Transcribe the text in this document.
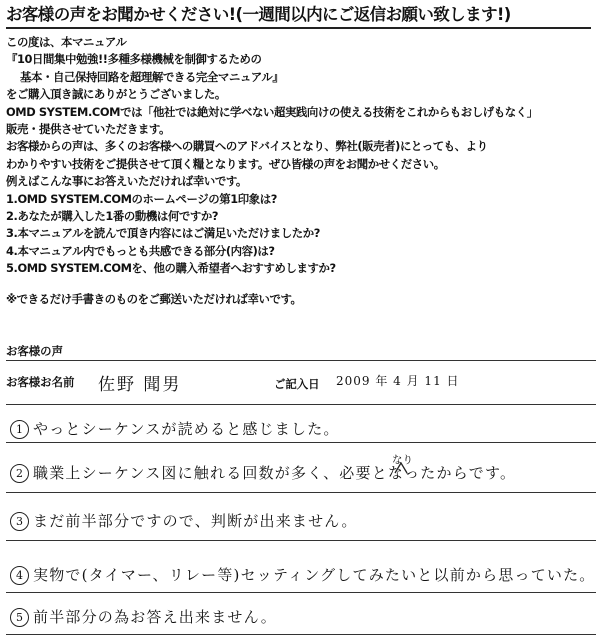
お客様の声をお聞かせください!(一週間以内にご返信お願い致します!)
この度は、本マニュアル
『10日間集中勉強!!多種多様機械を制御するための
基本・自己保持回路を超理解できる完全マニュアル』
をご購入頂き誠にありがとうございました。
OMD SYSTEM.COMでは「他社では絶対に学べない超実践向けの使える技術をこれからもおしげもなく」
販売・提供させていただきます。
お客様からの声は、多くのお客様への購買へのアドバイスとなり、弊社(販売者)にとっても、より
わかりやすい技術をご提供させて頂く糧となります。ぜひ皆様の声をお聞かせください。
例えばこんな事にお答えいただければ幸いです。
1.OMD SYSTEM.COMのホームページの第1印象は?
2.あなたが購入した1番の動機は何ですか?
3.本マニュアルを読んで頂き内容にはご満足いただけましたか?
4.本マニュアル内でもっとも共感できる部分(内容)は?
5.OMD SYSTEM.COMを、他の購入希望者へおすすめしますか?
※できるだけ手書きのものをご郵送いただければ幸いです。
お客様の声
お客様お名前 佐野 聞男	ご記入日 2009 年 4 月 11 日
1 やっとシーケンスが読めると感じました。
なり
2 職業上シーケンス図に触れる回数が多く、必要となったからです。
3 まだ前半部分ですので、判断が出来ません。
4 実物で(タイマー、リレー等)セッティングしてみたいと以前から思っていた。
5 前半部分の為お答え出来ません。
